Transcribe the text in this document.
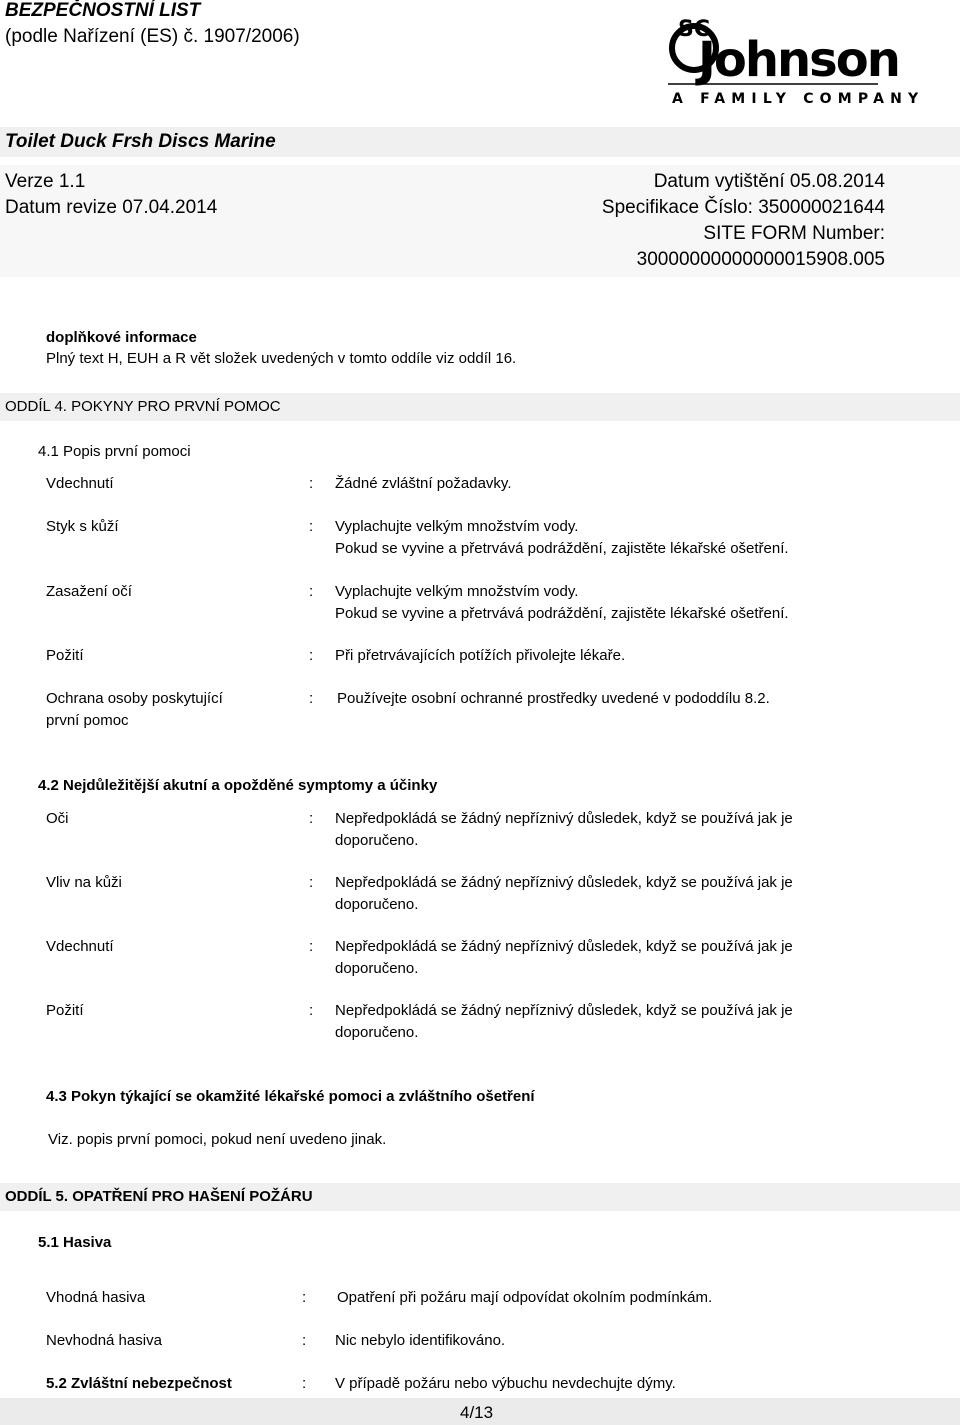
BEZPEČNOSTNÍ LIST
(podle Nařízení (ES) č. 1907/2006)	SC
Johnson
A FAMILY COMPANY
Toilet Duck Frsh Discs Marine
Verze 1.1
Datum revize 07.04.2014
Datum vytištění 05.08.2014
Specifikace Číslo: 350000021644
SITE FORM Number:
30000000000000015908.005
doplňkové informace
Plný text H, EUH a R vět složek uvedených v tomto oddíle viz oddíl 16.
ODDÍL 4. POKYNY PRO PRVNÍ POMOC
4.1 Popis první pomoci
Vdechnutí	: Žádné zvláštní požadavky.
Styk s kůží	: Vyplachujte velkým množstvím vody.
Pokud se vyvine a přetrvává podráždění, zajistěte lékařské ošetření.
Zasažení očí	: Vyplachujte velkým množstvím vody.
Pokud se vyvine a přetrvává podráždění, zajistěte lékařské ošetření.
Požití	: Při přetrvávajících potížích přivolejte lékaře.
Ochrana osoby poskytující
první pomoc
: Používejte osobní ochranné prostředky uvedené v pododdílu 8.2.
4.2 Nejdůležitější akutní a opožděné symptomy a účinky
Oči	: Nepředpokládá se žádný nepříznivý důsledek, když se používá jak je
doporučeno.
Vliv na kůži	: Nepředpokládá se žádný nepříznivý důsledek, když se používá jak je
doporučeno.
Vdechnutí	: Nepředpokládá se žádný nepříznivý důsledek, když se používá jak je
doporučeno.
Požití	: Nepředpokládá se žádný nepříznivý důsledek, když se používá jak je
doporučeno.
4.3 Pokyn týkající se okamžité lékařské pomoci a zvláštního ošetření
Viz. popis první pomoci, pokud není uvedeno jinak.
ODDÍL 5. OPATŘENÍ PRO HAŠENÍ POŽÁRU
5.1 Hasiva
Vhodná hasiva	: Opatření při požáru mají odpovídat okolním podmínkám.
Nevhodná hasiva	: Nic nebylo identifikováno.
5.2 Zvláštní nebezpečnost	: V případě požáru nebo výbuchu nevdechujte dýmy.
4/13
